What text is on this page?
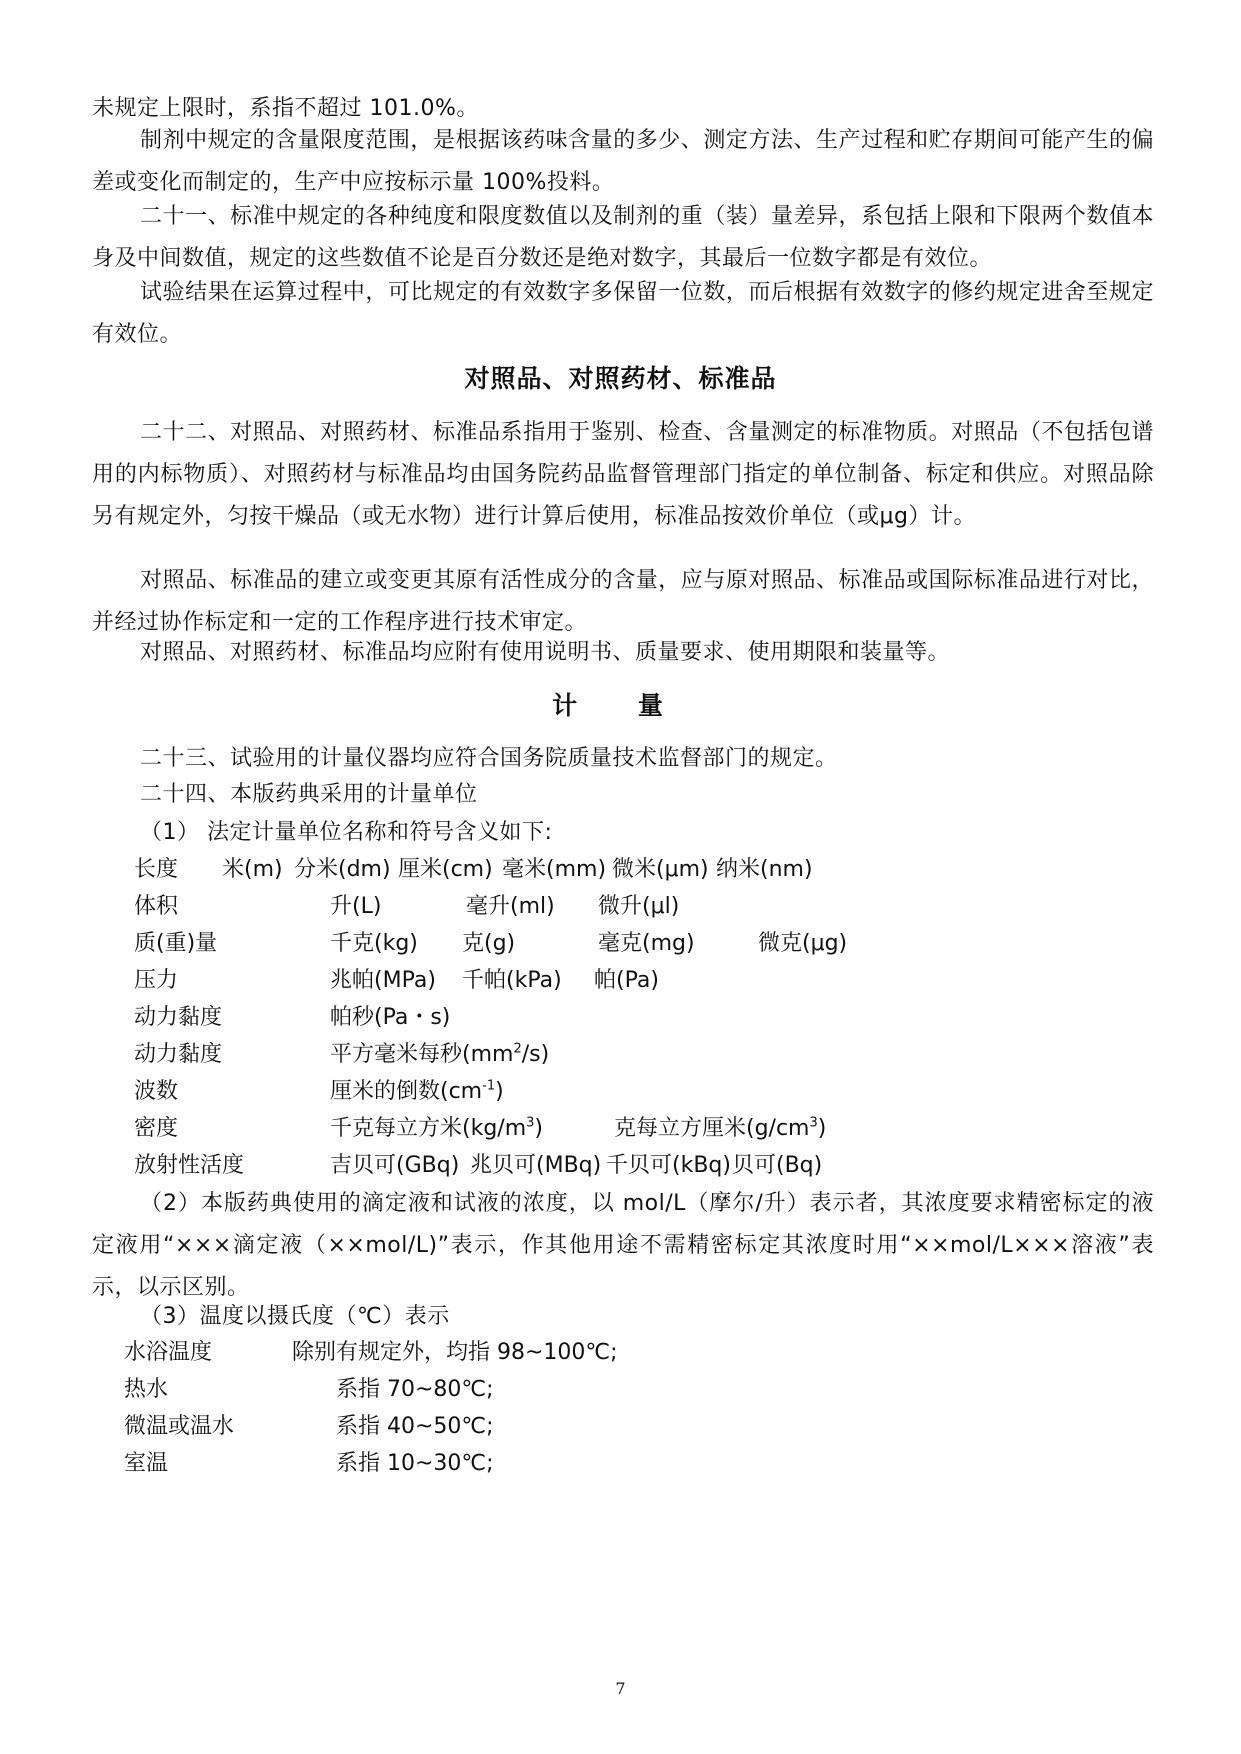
未规定上限时，系指不超过 101.0%。
制剂中规定的含量限度范围，是根据该药味含量的多少、测定方法、生产过程和贮存期间可能产生的偏差或变化而制定的，生产中应按标示量 100%投料。
二十一、标准中规定的各种纯度和限度数值以及制剂的重（装）量差异，系包括上限和下限两个数值本身及中间数值，规定的这些数值不论是百分数还是绝对数字，其最后一位数字都是有效位。
试验结果在运算过程中，可比规定的有效数字多保留一位数，而后根据有效数字的修约规定进舍至规定有效位。
对照品、对照药材、标准品
二十二、对照品、对照药材、标准品系指用于鉴别、检查、含量测定的标准物质。对照品（不包括包谱用的内标物质）、对照药材与标准品均由国务院药品监督管理部门指定的单位制备、标定和供应。对照品除另有规定外，匀按干燥品（或无水物）进行计算后使用，标准品按效价单位（或μg）计。
对照品、标准品的建立或变更其原有活性成分的含量，应与原对照品、标准品或国际标准品进行对比，并经过协作标定和一定的工作程序进行技术审定。
对照品、对照药材、标准品均应附有使用说明书、质量要求、使用期限和装量等。
计 量
二十三、试验用的计量仪器均应符合国务院质量技术监督部门的规定。
二十四、本版药典采用的计量单位
（1） 法定计量单位名称和符号含义如下:
长度 米(m) 分米(dm) 厘米(cm) 毫米(mm) 微米(μm) 纳米(nm)
体积	升(L)	毫升(ml) 微升(μl)
质(重)量	千克(kg) 克(g)	毫克(mg)	微克(μg)
压力	兆帕(MPa) 千帕(kPa) 帕(Pa)
动力黏度	帕秒(Pa・s)
动力黏度	平方毫米每秒$(mm^2/s)$
波数	厘米的倒数$(cm^{-1})$
密度	千克每立方米$(kg/m^3)$	克每立方厘米$(g/cm^3)$
放射性活度	吉贝可(GBq) 兆贝可(MBq) 千贝可(kBq) 贝可(Bq)
（2）本版药典使用的滴定液和试液的浓度，以 mol/L（摩尔/升）表示者，其浓度要求精密标定的液定液用“×××滴定液（××mol/L)”表示，作其他用途不需精密标定其浓度时用“××mol/L×××溶液”表示，以示区别。
（3）温度以摄氏度（℃）表示
水浴温度	除别有规定外，均指 98~100℃;
热水	系指 70~80℃;
微温或温水	系指 40~50℃;
室温	系指 10~30℃;
7
